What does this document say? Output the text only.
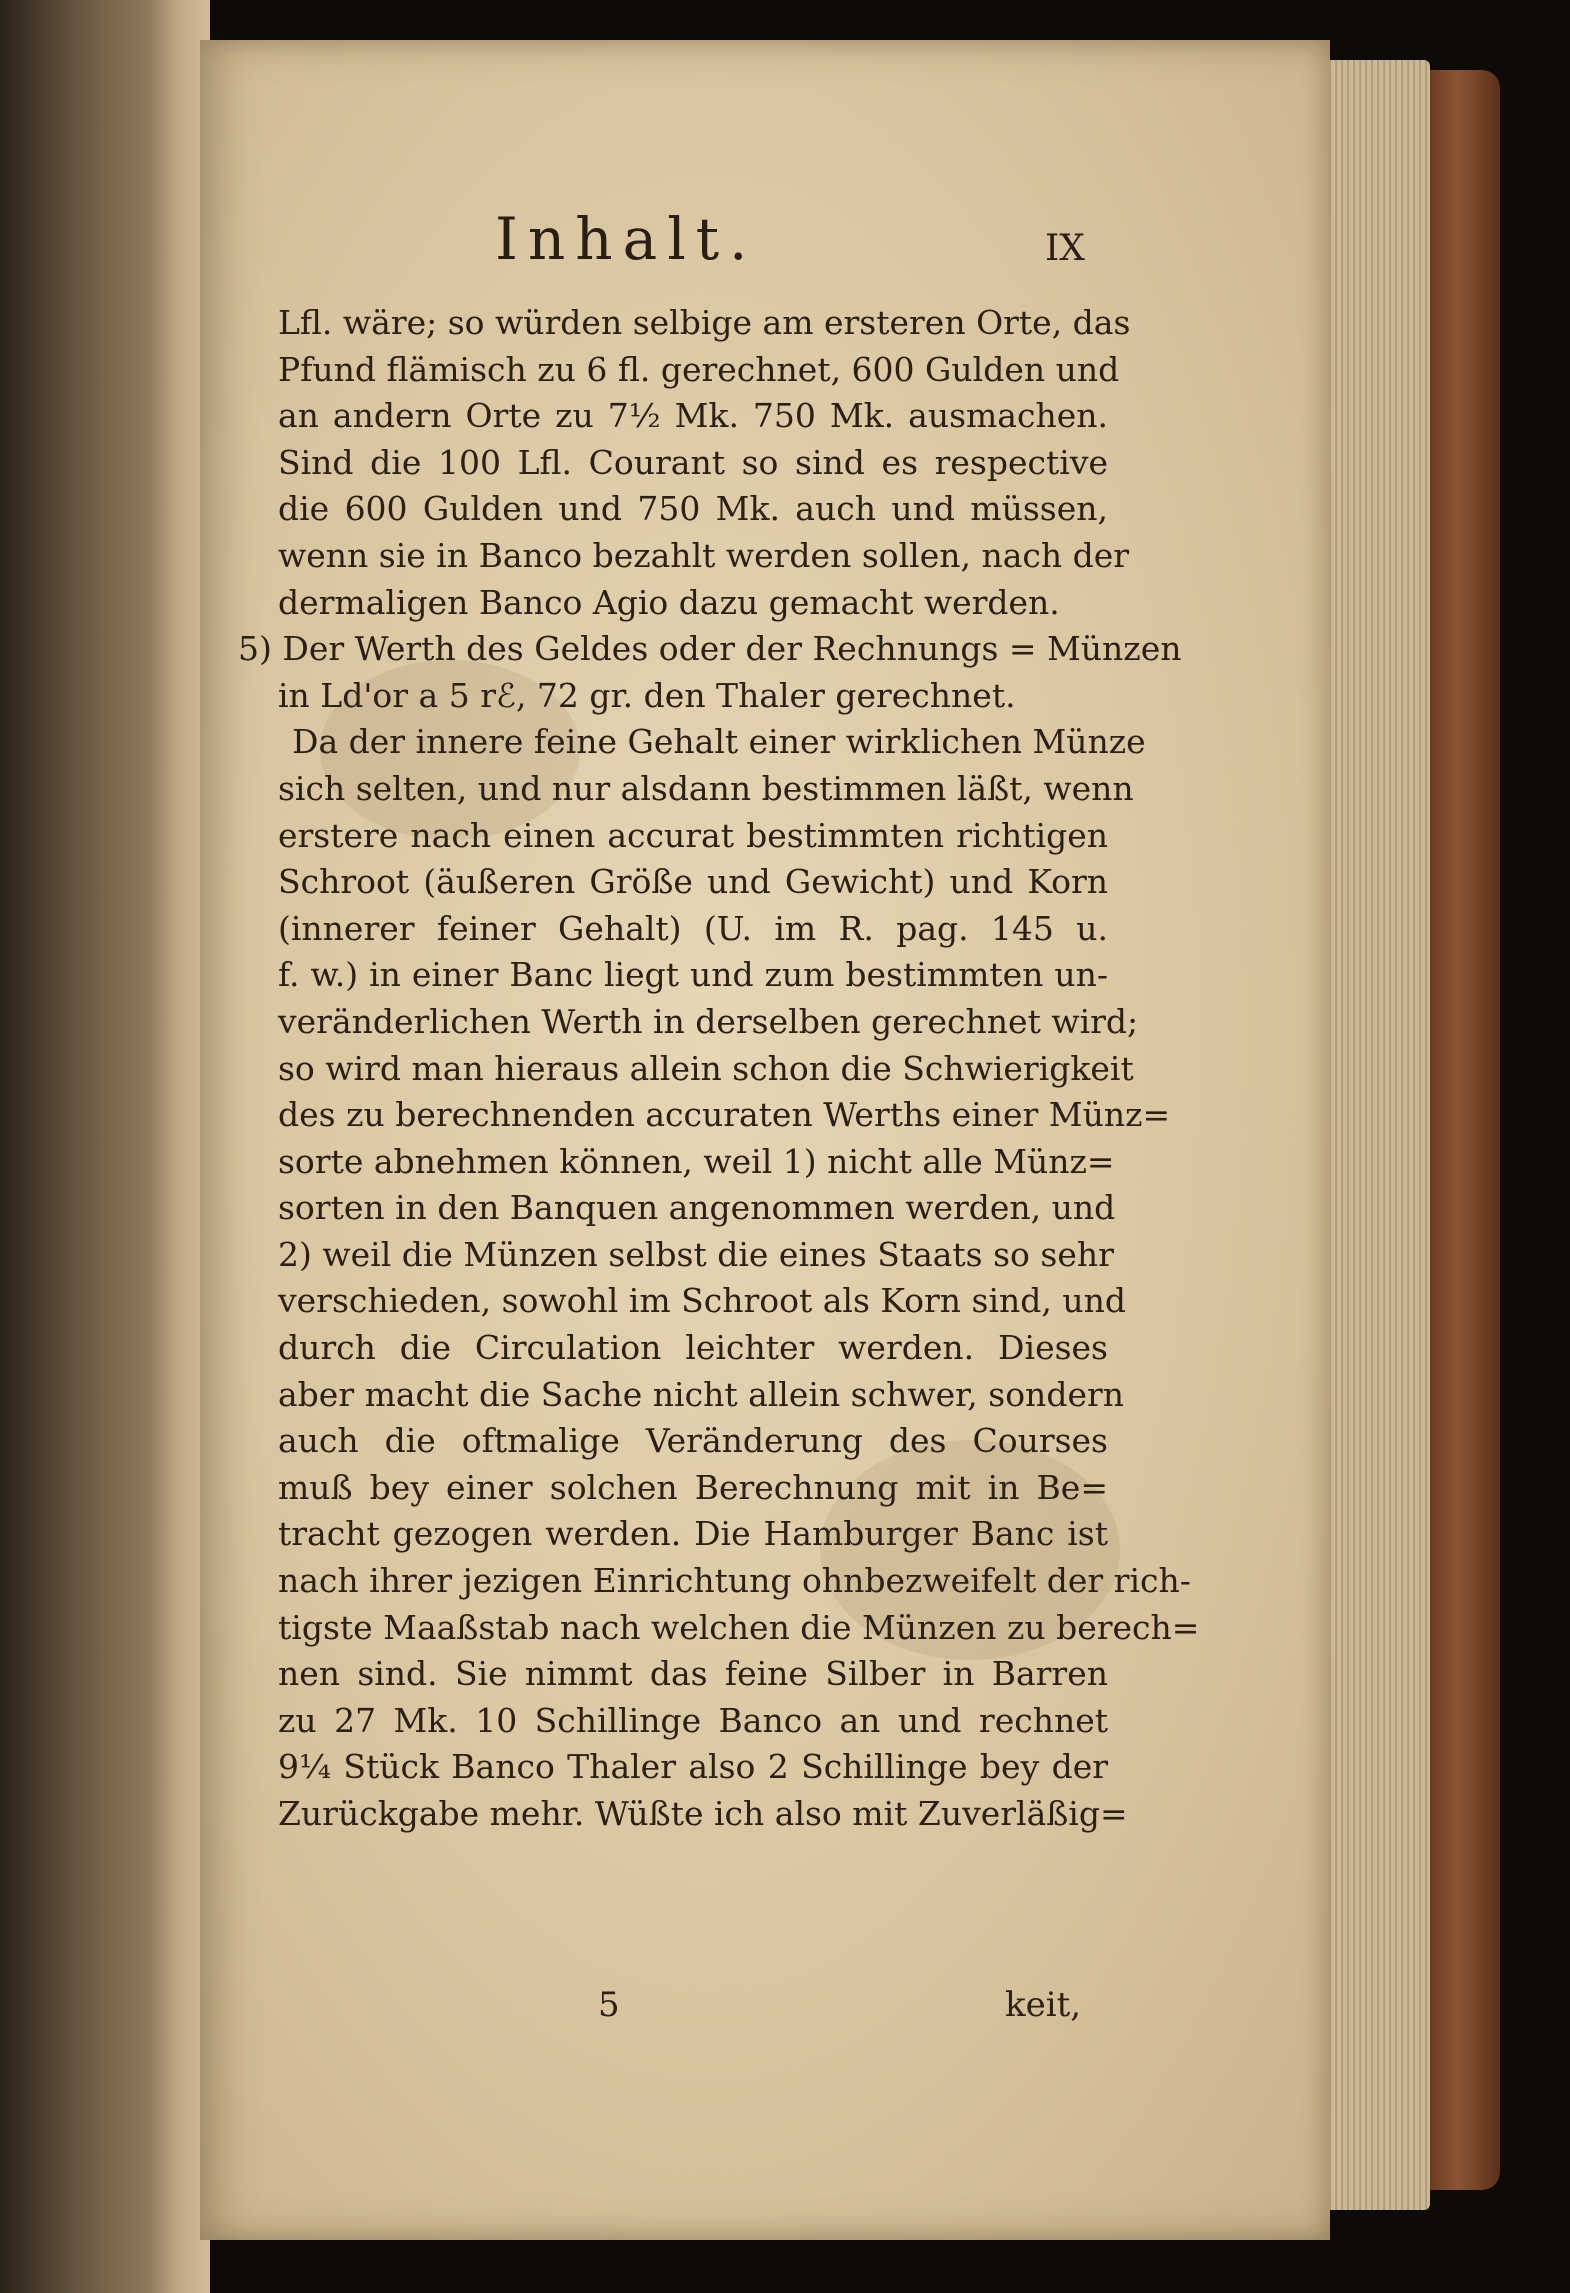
Inhalt.	IX
Lfl. wäre; so würden selbige am ersteren Orte, das
Pfund flämisch zu 6 fl. gerechnet, 600 Gulden und
an andern Orte zu 7½ Mk. 750 Mk. ausmachen.
Sind die 100 Lfl. Courant so sind es respective
die 600 Gulden und 750 Mk. auch und müssen,
wenn sie in Banco bezahlt werden sollen, nach der
dermaligen Banco Agio dazu gemacht werden.
5) Der Werth des Geldes oder der Rechnungs = Münzen
in Ld'or a 5 rℰ, 72 gr. den Thaler gerechnet.
Da der innere feine Gehalt einer wirklichen Münze
sich selten, und nur alsdann bestimmen läßt, wenn
erstere nach einen accurat bestimmten richtigen
Schroot (äußeren Größe und Gewicht) und Korn
(innerer feiner Gehalt) (U. im R. pag. 145 u.
f. w.) in einer Banc liegt und zum bestimmten un-
veränderlichen Werth in derselben gerechnet wird;
so wird man hieraus allein schon die Schwierigkeit
des zu berechnenden accuraten Werths einer Münz=
sorte abnehmen können, weil 1) nicht alle Münz=
sorten in den Banquen angenommen werden, und
2) weil die Münzen selbst die eines Staats so sehr
verschieden, sowohl im Schroot als Korn sind, und
durch die Circulation leichter werden. Dieses
aber macht die Sache nicht allein schwer, sondern
auch die oftmalige Veränderung des Courses
muß bey einer solchen Berechnung mit in Be=
tracht gezogen werden. Die Hamburger Banc ist
nach ihrer jezigen Einrichtung ohnbezweifelt der rich-
tigste Maaßstab nach welchen die Münzen zu berech=
nen sind. Sie nimmt das feine Silber in Barren
zu 27 Mk. 10 Schillinge Banco an und rechnet
9¼ Stück Banco Thaler also 2 Schillinge bey der
Zurückgabe mehr. Wüßte ich also mit Zuverläßig=
5	keit,
